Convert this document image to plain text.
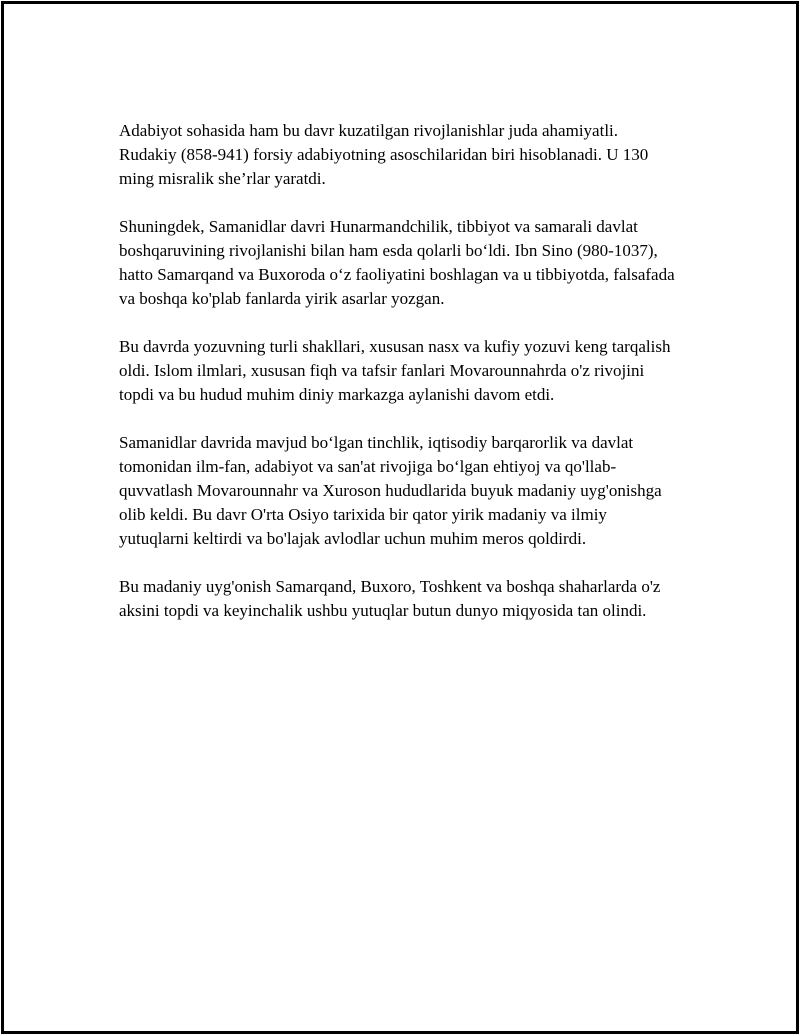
Adabiyot sohasida ham bu davr kuzatilgan rivojlanishlar juda ahamiyatli. Rudakiy (858-941) forsiy adabiyotning asoschilaridan biri hisoblanadi. U 130 ming misralik she’rlar yaratdi.

Shuningdek, Samanidlar davri Hunarmandchilik, tibbiyot va samarali davlat boshqaruvining rivojlanishi bilan ham esda qolarli bo‘ldi. Ibn Sino (980-1037), hatto Samarqand va Buxoroda o‘z faoliyatini boshlagan va u tibbiyotda, falsafada va boshqa ko'plab fanlarda yirik asarlar yozgan.

Bu davrda yozuvning turli shakllari, xususan nasx va kufiy yozuvi keng tarqalish oldi. Islom ilmlari, xususan fiqh va tafsir fanlari Movarounnahrda o'z rivojini topdi va bu hudud muhim diniy markazga aylanishi davom etdi.

Samanidlar davrida mavjud bo‘lgan tinchlik, iqtisodiy barqarorlik va davlat tomonidan ilm-fan, adabiyot va san'at rivojiga bo‘lgan ehtiyoj va qo'llab-quvvatlash Movarounnahr va Xuroson hududlarida buyuk madaniy uyg'onishga olib keldi. Bu davr O'rta Osiyo tarixida bir qator yirik madaniy va ilmiy yutuqlarni keltirdi va bo'lajak avlodlar uchun muhim meros qoldirdi.

Bu madaniy uyg'onish Samarqand, Buxoro, Toshkent va boshqa shaharlarda o'z aksini topdi va keyinchalik ushbu yutuqlar butun dunyo miqyosida tan olindi.
